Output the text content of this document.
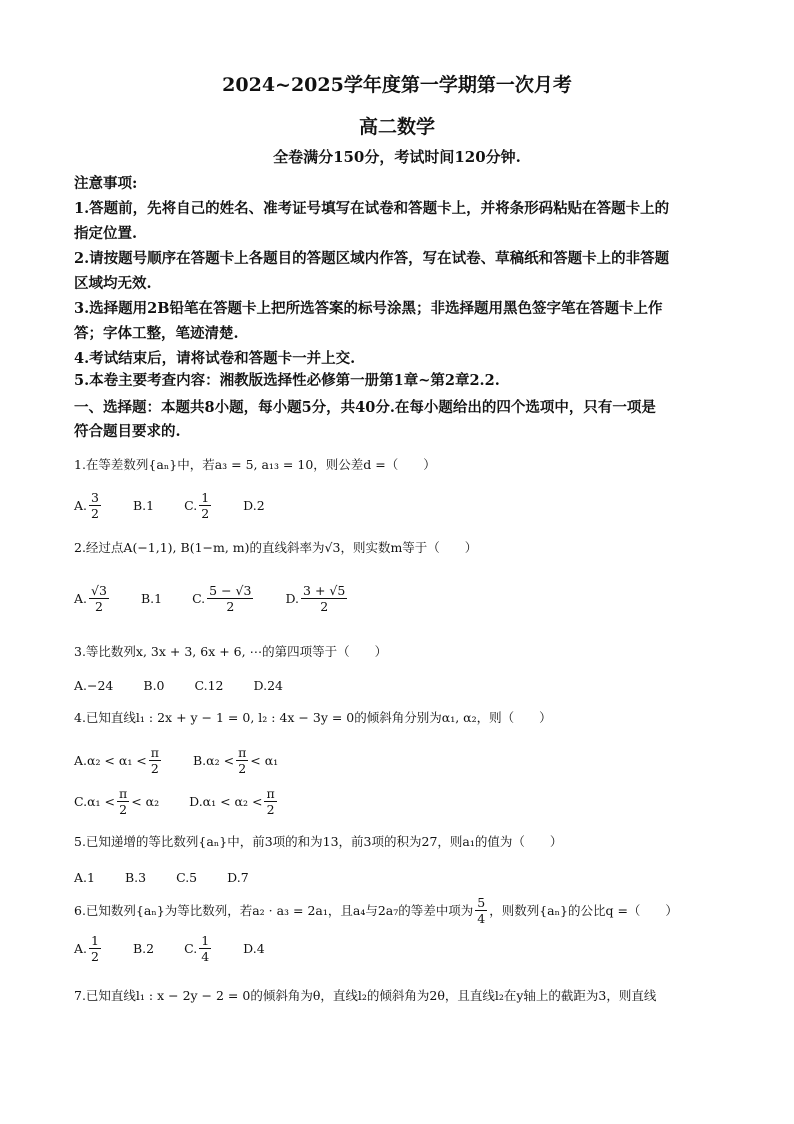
2024~2025学年度第一学期第一次月考
高二数学
全卷满分150分，考试时间120分钟.
注意事项:
1.答题前，先将自己的姓名、准考证号填写在试卷和答题卡上，并将条形码粘贴在答题卡上的
指定位置.
2.请按题号顺序在答题卡上各题目的答题区域内作答，写在试卷、草稿纸和答题卡上的非答题
区域均无效.
3.选择题用2B铅笔在答题卡上把所选答案的标号涂黑；非选择题用黑色签字笔在答题卡上作
答；字体工整，笔迹清楚.
4.考试结束后，请将试卷和答题卡一并上交.
5.本卷主要考查内容：湘教版选择性必修第一册第1章~第2章2.2.
一、选择题：本题共8小题，每小题5分，共40分.在每小题给出的四个选项中，只有一项是
符合题目要求的.
1.在等差数列{aₙ}中，若a₃ = 5, a₁₃ = 10，则公差d =（　　）
A. $\frac{3}{2}$	B.1 C. $\frac{1}{2}$	D.2
2.经过点A(−1,1), B(1−m, m)的直线斜率为√3，则实数m等于（　　）
A. $\frac{√3}{2}$	B.1 C. $\frac{5 - √3}{2}$	D. $\frac{3 + √5}{2}$
3.等比数列x, 3x + 3, 6x + 6, ⋯的第四项等于（　　）
A.−24 B.0 C.12 D.24
4.已知直线l₁ : 2x + y − 1 = 0, l₂ : 4x − 3y = 0的倾斜角分别为α₁, α₂，则（　　）
$A.\alpha_2 < \alpha_1 < \frac{\pi}{2}$	$B.\alpha_2 < \frac{\pi}{2} < \alpha_1$
$C.\alpha_1 < \frac{\pi}{2} < \alpha_2$ $D.\alpha_1 < \alpha_2 < \frac{\pi}{2}$
5.已知递增的等比数列{aₙ}中，前3项的和为13，前3项的积为27，则a₁的值为（　　）
A.1 B.3 C.5 D.7
6.已知数列{aₙ}为等比数列，若a₂ · a₃ = 2a₁，且a₄与2a₇的等差中项为 $\frac{5}{4}$ ，则数列{aₙ}的公比q =（　　）
A. $\frac{1}{2}$	B.2 C. $\frac{1}{4}$	D.4
7.已知直线l₁ : x − 2y − 2 = 0的倾斜角为θ，直线l₂的倾斜角为2θ，且直线l₂在y轴上的截距为3，则直线
